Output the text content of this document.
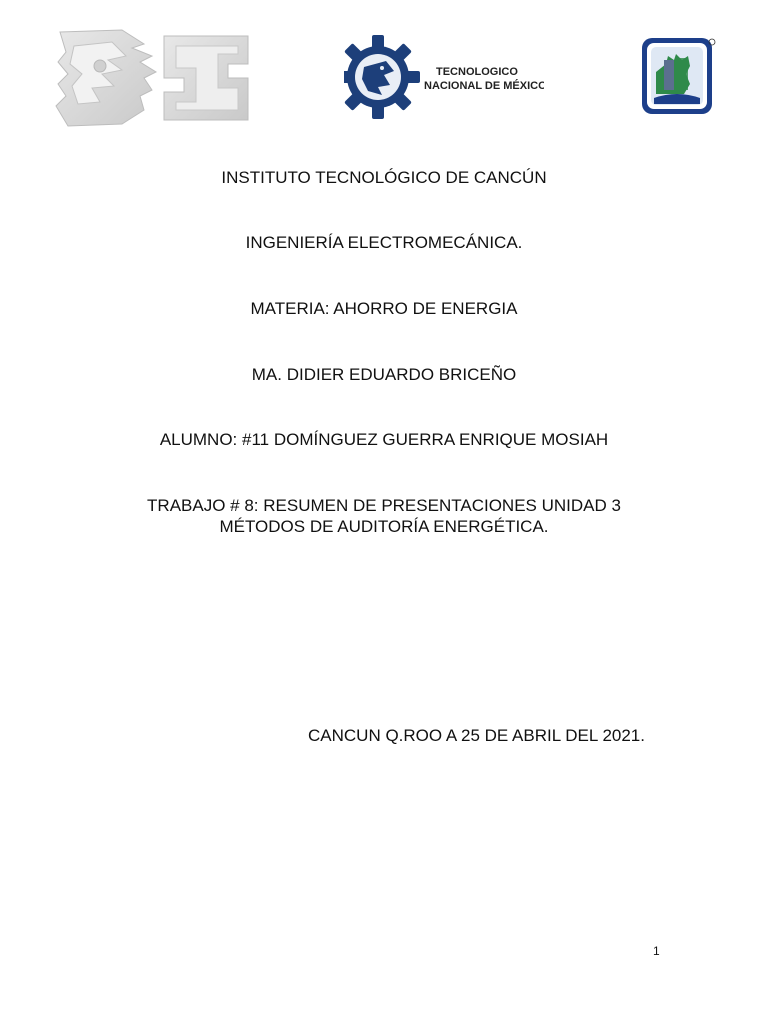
TECNOLOGICO
NACIONAL DE MÉXICO
INSTITUTO TECNOLÓGICO DE CANCÚN
INGENIERÍA ELECTROMECÁNICA.
MATERIA: AHORRO DE ENERGIA
MA. DIDIER EDUARDO BRICEÑO
ALUMNO: #11 DOMÍNGUEZ GUERRA ENRIQUE MOSIAH
TRABAJO # 8: RESUMEN DE PRESENTACIONES UNIDAD 3
MÉTODOS DE AUDITORÍA ENERGÉTICA.
CANCUN Q.ROO A 25 DE ABRIL DEL 2021.
1
